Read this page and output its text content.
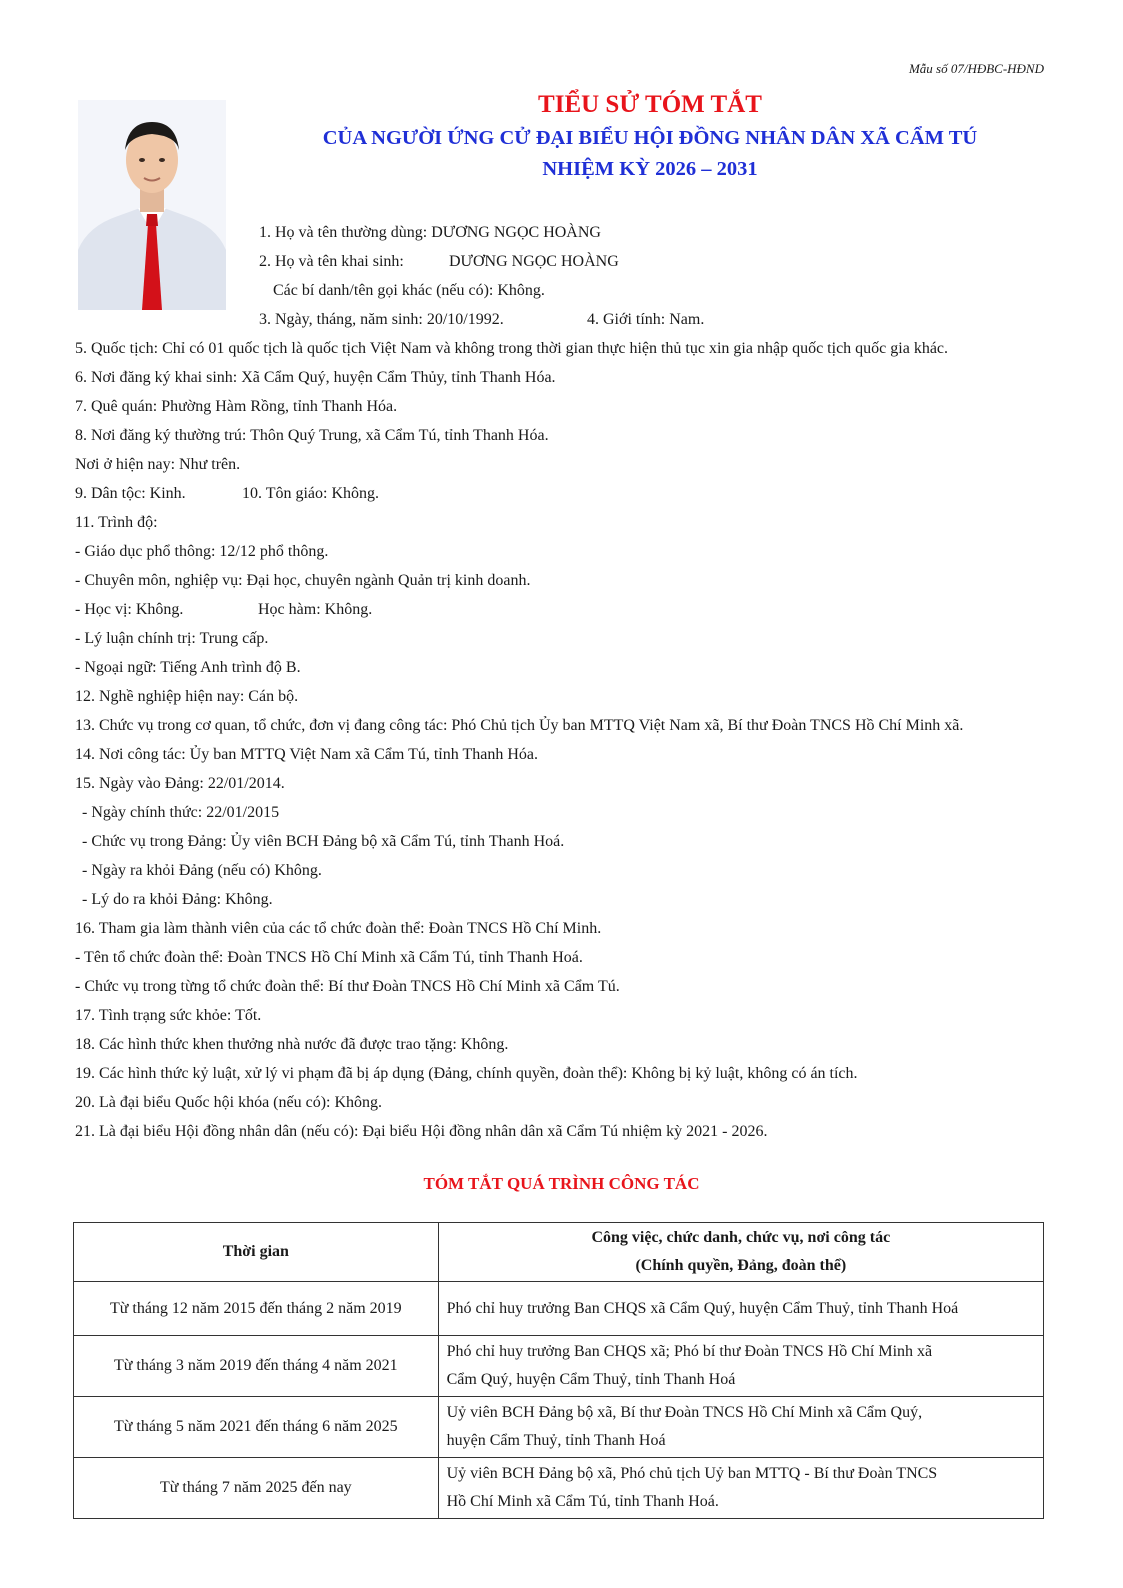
Mẫu số 07/HĐBC-HĐND
TIỂU SỬ TÓM TẮT
CỦA NGƯỜI ỨNG CỬ ĐẠI BIỂU HỘI ĐỒNG NHÂN DÂN XÃ CẨM TÚ
NHIỆM KỲ 2026 – 2031
1. Họ và tên thường dùng: DƯƠNG NGỌC HOÀNG
2. Họ và tên khai sinh:	DƯƠNG NGỌC HOÀNG
Các bí danh/tên gọi khác (nếu có): Không.
3. Ngày, tháng, năm sinh: 20/10/1992.	4. Giới tính: Nam.
5. Quốc tịch: Chỉ có 01 quốc tịch là quốc tịch Việt Nam và không trong thời gian thực hiện thủ tục xin gia nhập quốc tịch quốc gia khác.
6. Nơi đăng ký khai sinh: Xã Cẩm Quý, huyện Cẩm Thủy, tỉnh Thanh Hóa.
7. Quê quán: Phường Hàm Rồng, tỉnh Thanh Hóa.
8. Nơi đăng ký thường trú: Thôn Quý Trung, xã Cẩm Tú, tỉnh Thanh Hóa.
Nơi ở hiện nay: Như trên.
9. Dân tộc: Kinh.	10. Tôn giáo: Không.
11. Trình độ:
- Giáo dục phổ thông: 12/12 phổ thông.
- Chuyên môn, nghiệp vụ: Đại học, chuyên ngành Quản trị kinh doanh.
- Học vị: Không.	Học hàm: Không.
- Lý luận chính trị: Trung cấp.
- Ngoại ngữ: Tiếng Anh trình độ B.
12. Nghề nghiệp hiện nay: Cán bộ.
13. Chức vụ trong cơ quan, tổ chức, đơn vị đang công tác: Phó Chủ tịch Ủy ban MTTQ Việt Nam xã, Bí thư Đoàn TNCS Hồ Chí Minh xã.
14. Nơi công tác: Ủy ban MTTQ Việt Nam xã Cẩm Tú, tỉnh Thanh Hóa.
15. Ngày vào Đảng: 22/01/2014.
- Ngày chính thức: 22/01/2015
- Chức vụ trong Đảng: Ủy viên BCH Đảng bộ xã Cẩm Tú, tỉnh Thanh Hoá.
- Ngày ra khỏi Đảng (nếu có) Không.
- Lý do ra khỏi Đảng: Không.
16. Tham gia làm thành viên của các tổ chức đoàn thể: Đoàn TNCS Hồ Chí Minh.
- Tên tổ chức đoàn thể: Đoàn TNCS Hồ Chí Minh xã Cẩm Tú, tỉnh Thanh Hoá.
- Chức vụ trong từng tổ chức đoàn thể: Bí thư Đoàn TNCS Hồ Chí Minh xã Cẩm Tú.
17. Tình trạng sức khỏe: Tốt.
18. Các hình thức khen thưởng nhà nước đã được trao tặng: Không.
19. Các hình thức kỷ luật, xử lý vi phạm đã bị áp dụng (Đảng, chính quyền, đoàn thể): Không bị kỷ luật, không có án tích.
20. Là đại biểu Quốc hội khóa (nếu có): Không.
21. Là đại biểu Hội đồng nhân dân (nếu có): Đại biểu Hội đồng nhân dân xã Cẩm Tú nhiệm kỳ 2021 - 2026.
TÓM TẮT QUÁ TRÌNH CÔNG TÁC
Thời gian	Công việc, chức danh, chức vụ, nơi công tác
(Chính quyền, Đảng, đoàn thể)

Từ tháng 12 năm 2015 đến tháng 2 năm 2019	Phó chỉ huy trưởng Ban CHQS xã Cẩm Quý, huyện Cẩm Thuỷ, tỉnh Thanh Hoá

Từ tháng 3 năm 2019 đến tháng 4 năm 2021	Phó chỉ huy trưởng Ban CHQS xã; Phó bí thư Đoàn TNCS Hồ Chí Minh xã
Cẩm Quý, huyện Cẩm Thuỷ, tỉnh Thanh Hoá

Từ tháng 5 năm 2021 đến tháng 6 năm 2025	Uỷ viên BCH Đảng bộ xã, Bí thư Đoàn TNCS Hồ Chí Minh xã Cẩm Quý,
huyện Cẩm Thuỷ, tỉnh Thanh Hoá

Từ tháng 7 năm 2025 đến nay	Uỷ viên BCH Đảng bộ xã, Phó chủ tịch Uỷ ban MTTQ - Bí thư Đoàn TNCS
Hồ Chí Minh xã Cẩm Tú, tỉnh Thanh Hoá.
